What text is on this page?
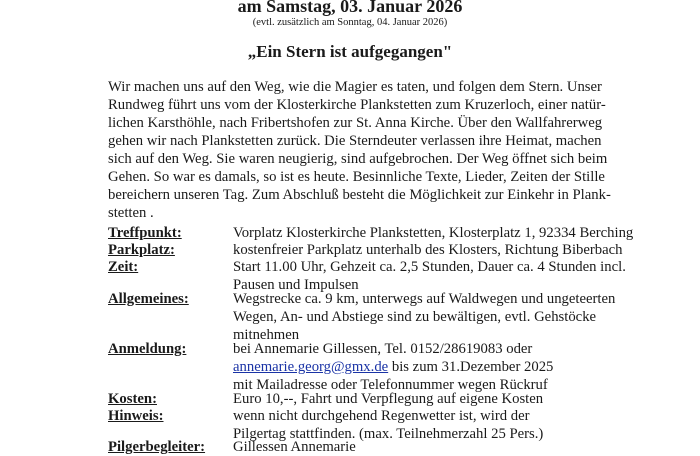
am Samstag, 03. Januar 2026
(evtl. zusätzlich am Sonntag, 04. Januar 2026)
„Ein Stern ist aufgegangen"
Wir machen uns auf den Weg, wie die Magier es taten, und folgen dem Stern. Unser
Rundweg führt uns vom der Klosterkirche Plankstetten zum Kruzerloch, einer natür-
lichen Karsthöhle, nach Fribertshofen zur St. Anna Kirche. Über den Wallfahrerweg
gehen wir nach Plankstetten zurück. Die Sterndeuter verlassen ihre Heimat, machen
sich auf den Weg. Sie waren neugierig, sind aufgebrochen. Der Weg öffnet sich beim
Gehen. So war es damals, so ist es heute. Besinnliche Texte, Lieder, Zeiten der Stille
bereichern unseren Tag. Zum Abschluß besteht die Möglichkeit zur Einkehr in Plank-
stetten .
Treffpunkt:	Vorplatz Klosterkirche Plankstetten, Klosterplatz 1, 92334 Berching
Parkplatz:	kostenfreier Parkplatz unterhalb des Klosters, Richtung Biberbach
Zeit:	Start 11.00 Uhr, Gehzeit ca. 2,5 Stunden, Dauer ca. 4 Stunden incl.
Pausen und Impulsen
Allgemeines:	Wegstrecke ca. 9 km, unterwegs auf Waldwegen und ungeteerten
Wegen, An- und Abstiege sind zu bewältigen, evtl. Gehstöcke
mitnehmen
Anmeldung:	bei Annemarie Gillessen, Tel. 0152/28619083 oder
annemarie.georg@gmx.de bis zum 31.Dezember 2025
mit Mailadresse oder Telefonnummer wegen Rückruf
Kosten:	Euro 10,--, Fahrt und Verpflegung auf eigene Kosten
Hinweis:	wenn nicht durchgehend Regenwetter ist, wird der
Pilgertag stattfinden. (max. Teilnehmerzahl 25 Pers.)
Pilgerbegleiter: Gillessen Annemarie
